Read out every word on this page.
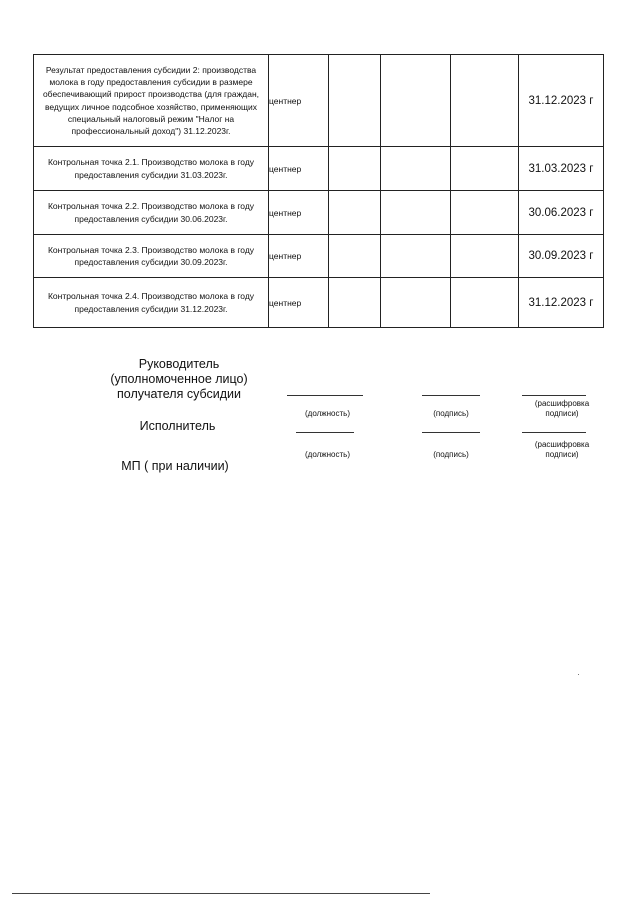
Результат предоставления субсидии 2: производства молока в году предоставления субсидии в размере обеспечивающий прирост производства (для граждан, ведущих личное подсобное хозяйство, применяющих специальный налоговый режим "Налог на профессиональный доход") 31.12.2023г.	центнер				31.12.2023 г
Контрольная точка 2.1. Производство молока в году предоставления субсидии 31.03.2023г.	центнер				31.03.2023 г
Контрольная точка 2.2. Производство молока в году предоставления субсидии 30.06.2023г.	центнер				30.06.2023 г
Контрольная точка 2.3. Производство молока в году предоставления субсидии 30.09.2023г.	центнер				30.09.2023 г
Контрольная точка 2.4. Производство молока в году предоставления субсидии 31.12.2023г.	центнер				31.12.2023 г
Руководитель (уполномоченное лицо) получателя субсидии
Исполнитель
МП ( при наличии)
(должность)	(подпись)
(расшифровка подписи)
(должность)	(подпись)
(расшифровка подписи)
